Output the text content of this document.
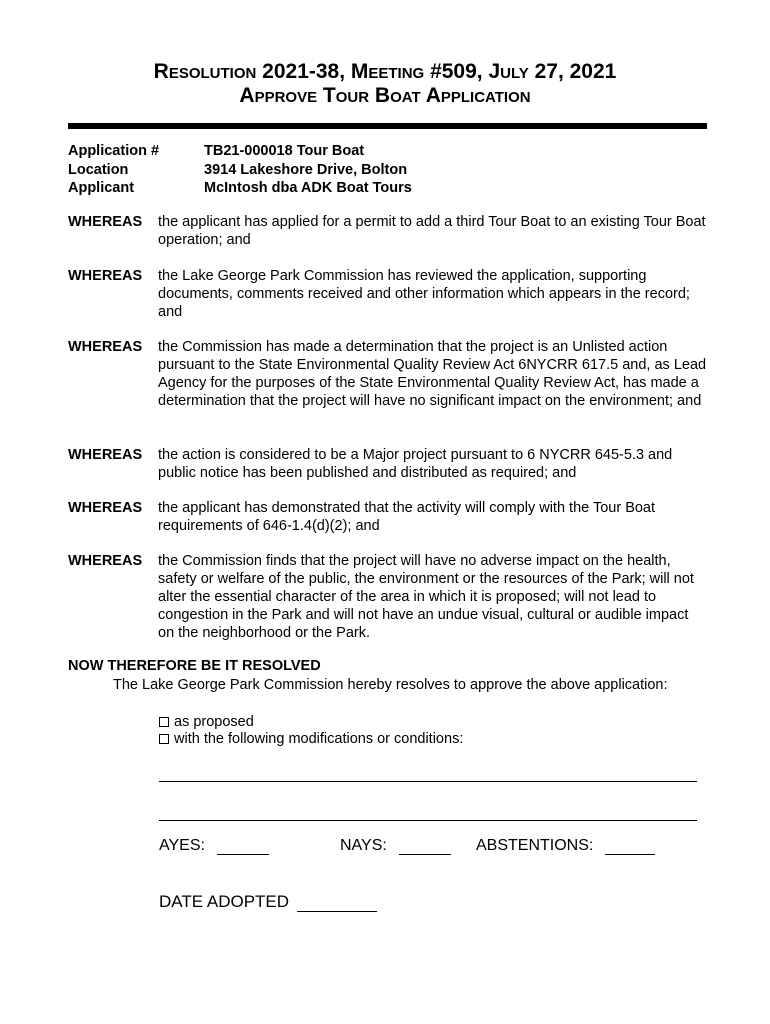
Resolution 2021-38, Meeting #509, July 27, 2021
Approve Tour Boat Application
Application #	TB21-000018 Tour Boat
Location	3914 Lakeshore Drive, Bolton
Applicant	McIntosh dba ADK Boat Tours
WHEREAS	the applicant has applied for a permit to add a third Tour Boat to an existing Tour Boat operation; and
WHEREAS	the Lake George Park Commission has reviewed the application, supporting documents, comments received and other information which appears in the record; and
WHEREAS	the Commission has made a determination that the project is an Unlisted action pursuant to the State Environmental Quality Review Act 6NYCRR 617.5 and, as Lead Agency for the purposes of the State Environmental Quality Review Act, has made a determination that the project will have no significant impact on the environment; and
WHEREAS	the action is considered to be a Major project pursuant to 6 NYCRR 645-5.3 and public notice has been published and distributed as required; and
WHEREAS	the applicant has demonstrated that the activity will comply with the Tour Boat requirements of 646-1.4(d)(2); and
WHEREAS	the Commission finds that the project will have no adverse impact on the health, safety or welfare of the public, the environment or the resources of the Park; will not alter the essential character of the area in which it is proposed; will not lead to congestion in the Park and will not have an undue visual, cultural or audible impact on the neighborhood or the Park.
NOW THEREFORE BE IT RESOLVED
The Lake George Park Commission hereby resolves to approve the above application:
as proposed
with the following modifications or conditions:
AYES:	NAYS:	ABSTENTIONS:
DATE ADOPTED
